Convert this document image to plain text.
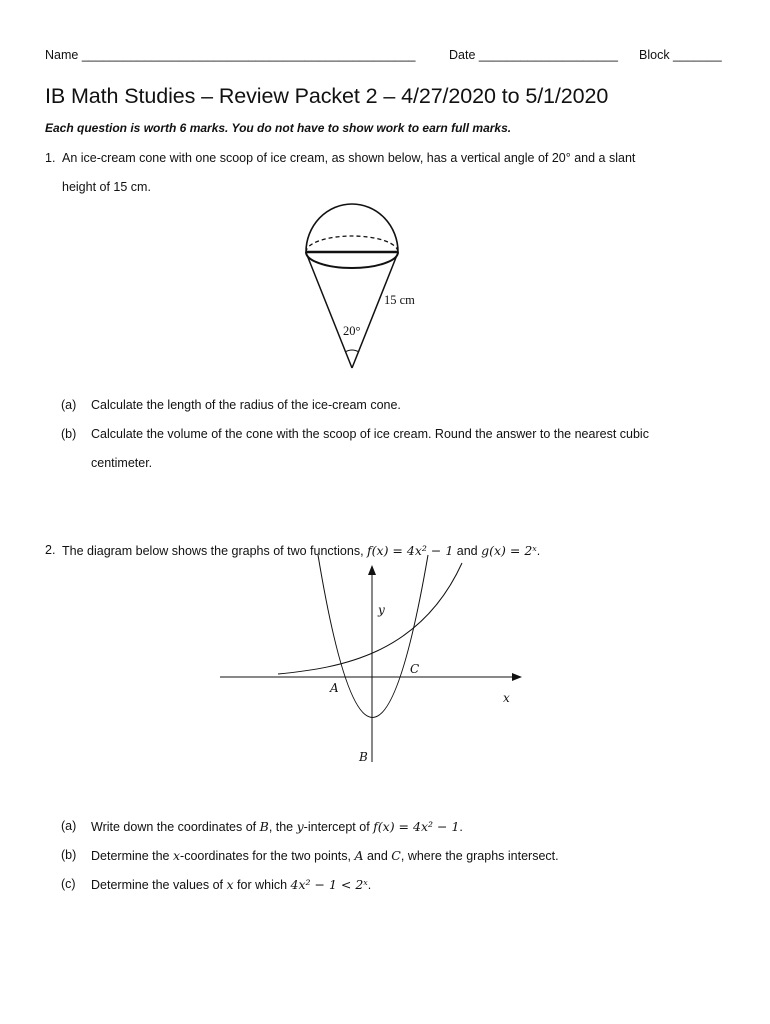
Name ________________________________________________	Date ____________________ Block _______
IB Math Studies – Review Packet 2 – 4/27/2020 to 5/1/2020
Each question is worth 6 marks. You do not have to show work to earn full marks.
1. An ice-cream cone with one scoop of ice cream, as shown below, has a vertical angle of 20° and a slant
height of 15 cm.
15 cm
20°
(a) Calculate the length of the radius of the ice-cream cone.
(b) Calculate the volume of the cone with the scoop of ice cream. Round the answer to the nearest cubic
centimeter.
2. The diagram below shows the graphs of two functions, f(x) = 4x² − 1 and g(x) = 2ˣ.
y
x
A
B
C
(a) Write down the coordinates of B, the y-intercept of f(x) = 4x² − 1.
(b) Determine the x-coordinates for the two points, A and C, where the graphs intersect.
(c) Determine the values of x for which 4x² − 1 < 2ˣ.
